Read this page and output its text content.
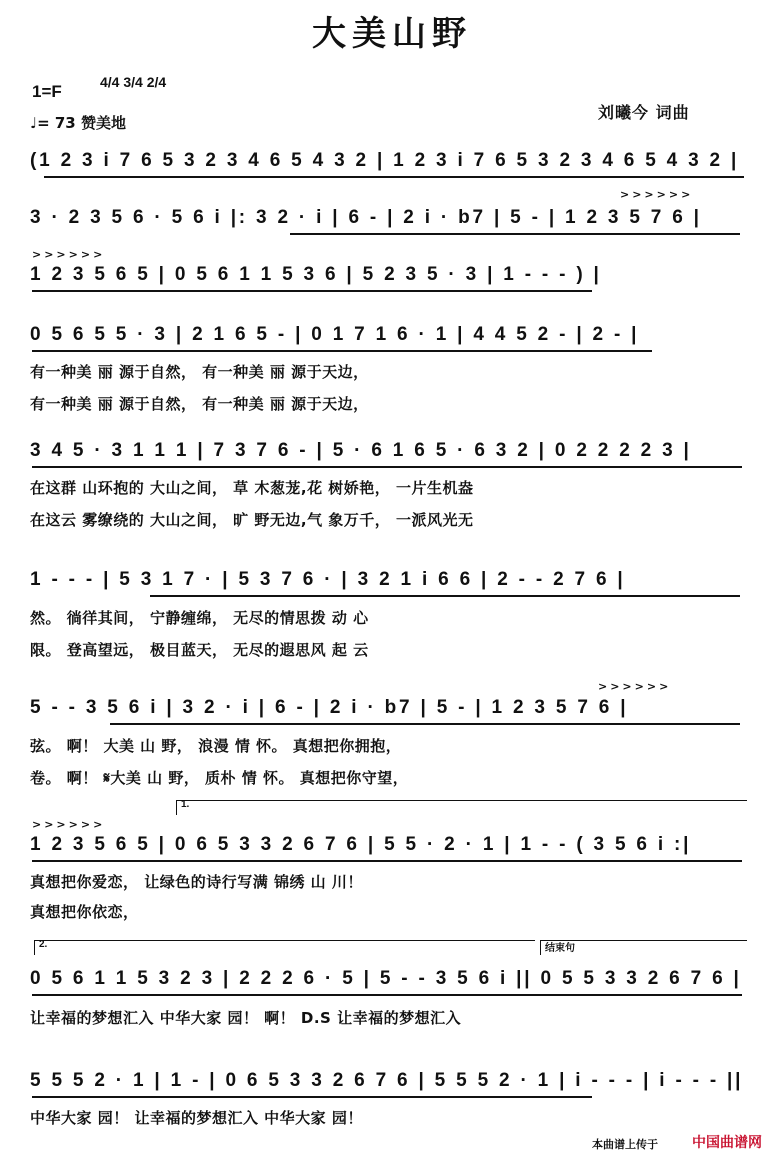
大美山野
1=F	4/4 3/4 2/4
♩= 73 赞美地
刘曦今 词曲
(1 2 3 i 7 6 5 3 2 3 4 6 5 4 3 2 | 1 2 3 i 7 6 5 3 2 3 4 6 5 4 3 2 |
3 · 2 3 5 6 · 5 6 i |: 3 2 · i | 6 - | 2 i · b7 | 5 - | 1 2 3 5 7 6 |
>>>>>>
>>>>>>
1 2 3 5 6 5 | 0 5 6 1 1 5 3 6 | 5 2 3 5 · 3 | 1 - - - ) |
0 5 6 5 5 · 3 | 2 1 6 5 - | 0 1 7 1 6 · 1 | 4 4 5 2 - | 2 - |
有一种美 丽 源于自然， 有一种美 丽 源于天边，
有一种美 丽 源于自然， 有一种美 丽 源于天边，
3 4 5 · 3 1 1 1 | 7 3 7 6 - | 5 · 6 1 6 5 · 6 3 2 | 0 2 2 2 2 3 |
在这群 山环抱的 大山之间， 草 木葱茏,花 树娇艳， 一片生机盎
在这云 雾缭绕的 大山之间， 旷 野无边,气 象万千， 一派风光无
1 - - - | 5 3 1 7 · | 5 3 7 6 · | 3 2 1 i 6 6 | 2 - - 2 7 6 |
然。 徜徉其间， 宁静缠绵， 无尽的情思拨 动 心
限。 登高望远， 极目蓝天， 无尽的遐思风 起 云
>>>>>>
5 - - 3 5 6 i | 3 2 · i | 6 - | 2 i · b7 | 5 - | 1 2 3 5 7 6 |
弦。 啊！ 大美 山 野， 浪漫 情 怀。 真想把你拥抱，
卷。 啊！ 𝄋大美 山 野， 质朴 情 怀。 真想把你守望，
1.
>>>>>>
1 2 3 5 6 5 | 0 6 5 3 3 2 6 7 6 | 5 5 · 2 · 1 | 1 - - ( 3 5 6 i :|
真想把你爱恋， 让绿色的诗行写满 锦绣 山 川！
真想把你依恋，
2.	结束句
0 5 6 1 1 5 3 2 3 | 2 2 2 6 · 5 | 5 - - 3 5 6 i || 0 5 5 3 3 2 6 7 6 |
让幸福的梦想汇入 中华大家 园！ 啊！ D.S 让幸福的梦想汇入
5 5 5 2 · 1 | 1 - | 0 6 5 3 3 2 6 7 6 | 5 5 5 2 · 1 | i - - - | i - - - ||
中华大家 园！ 让幸福的梦想汇入 中华大家 园！
本曲谱上传于 中国曲谱网
